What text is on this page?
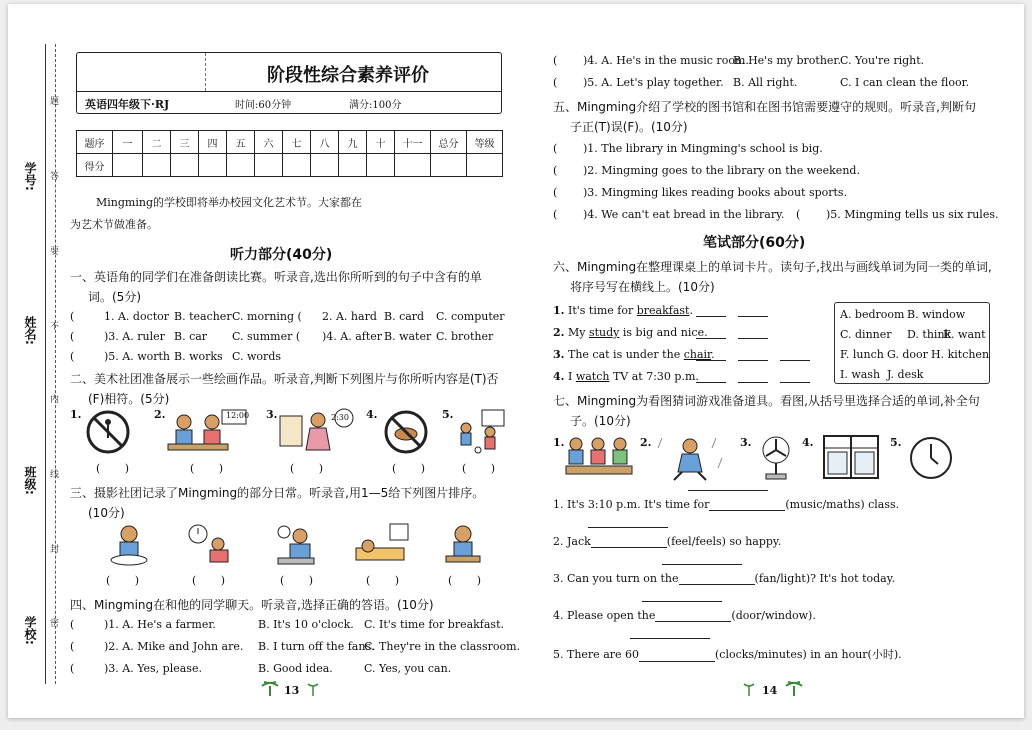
学号:
姓名:
班级:
学校:
题
答
要
不
内
线
封
密
阶段性综合素养评价
英语四年级下·RJ	时间:60分钟	满分:100分
题序	一	二	三	四	五	六	七	八	九	十	十一	总分	等级
得分													
Mingming的学校即将举办校园文化艺术节。大家都在
为艺术节做准备。
听力部分(40分)
一、英语角的同学们在准备朗读比赛。听录音,选出你所听到的句子中含有的单
词。(5分)
(	1. A. doctor B. teacher C. morning ( 2. A. hard B. card C. computer
(	)3. A. ruler B. car C. summer ( )4. A. after B. water C. brother
(	)5. A. worth B. works C. words
二、美术社团准备展示一些绘画作品。听录音,判断下列图片与你所听内容是(T)否
(F)相符。(5分)
1.	2.	3.	4.	5.
12:00	2:30
(       )	(       )	(       )	(       )	(       )
三、摄影社团记录了Mingming的部分日常。听录音,用1—5给下列图片排序。
(10分)
(       )	(       )	(       )	(       )	(       )
四、Mingming在和他的同学聊天。听录音,选择正确的答语。(10分)
(	)1. A. He's a farmer.	B. It's 10 o'clock. C. It's time for breakfast.
(	)2. A. Mike and John are. B. I turn off the fans.
C. They're in the classroom.
(	)3. A. Yes, please.	B. Good idea.	C. Yes, you can.
13
( )4. A. He's in the music room.
B. He's my brother. C. You're right.
( )5. A. Let's play together. B. All right.	C. I can clean the floor.
五、Mingming介绍了学校的图书馆和在图书馆需要遵守的规则。听录音,判断句
子正(T)误(F)。(10分)
( )1. The library in Mingming's school is big.
( )2. Mingming goes to the library on the weekend.
( )3. Mingming likes reading books about sports.
( )4. We can't eat bread in the library. ( )5. Mingming tells us six rules.
笔试部分(60分)
六、Mingming在整理课桌上的单词卡片。读句子,找出与画线单词为同一类的单词,
将序号写在横线上。(10分)
1. It's time for breakfast.
2. My study is big and nice.
3. The cat is under the chair.
4. I watch TV at 7:30 p.m.
A. bedroom B. window
C. dinner D. think
E. want
F. lunch G. door H. kitchen
I. wash J. desk
七、Mingming为看图猜词游戏准备道具。看图,从括号里选择合适的单词,补全句
子。(10分)
1.	2.	3.	4.	5.
1. It's 3:10 p.m. It's time for	(music/maths) class.
2. Jack	(feel/feels) so happy.
3. Can you turn on the	(fan/light)? It's hot today.
4. Please open the	(door/window).
5. There are 60	(clocks/minutes) in an hour(小时).
14
